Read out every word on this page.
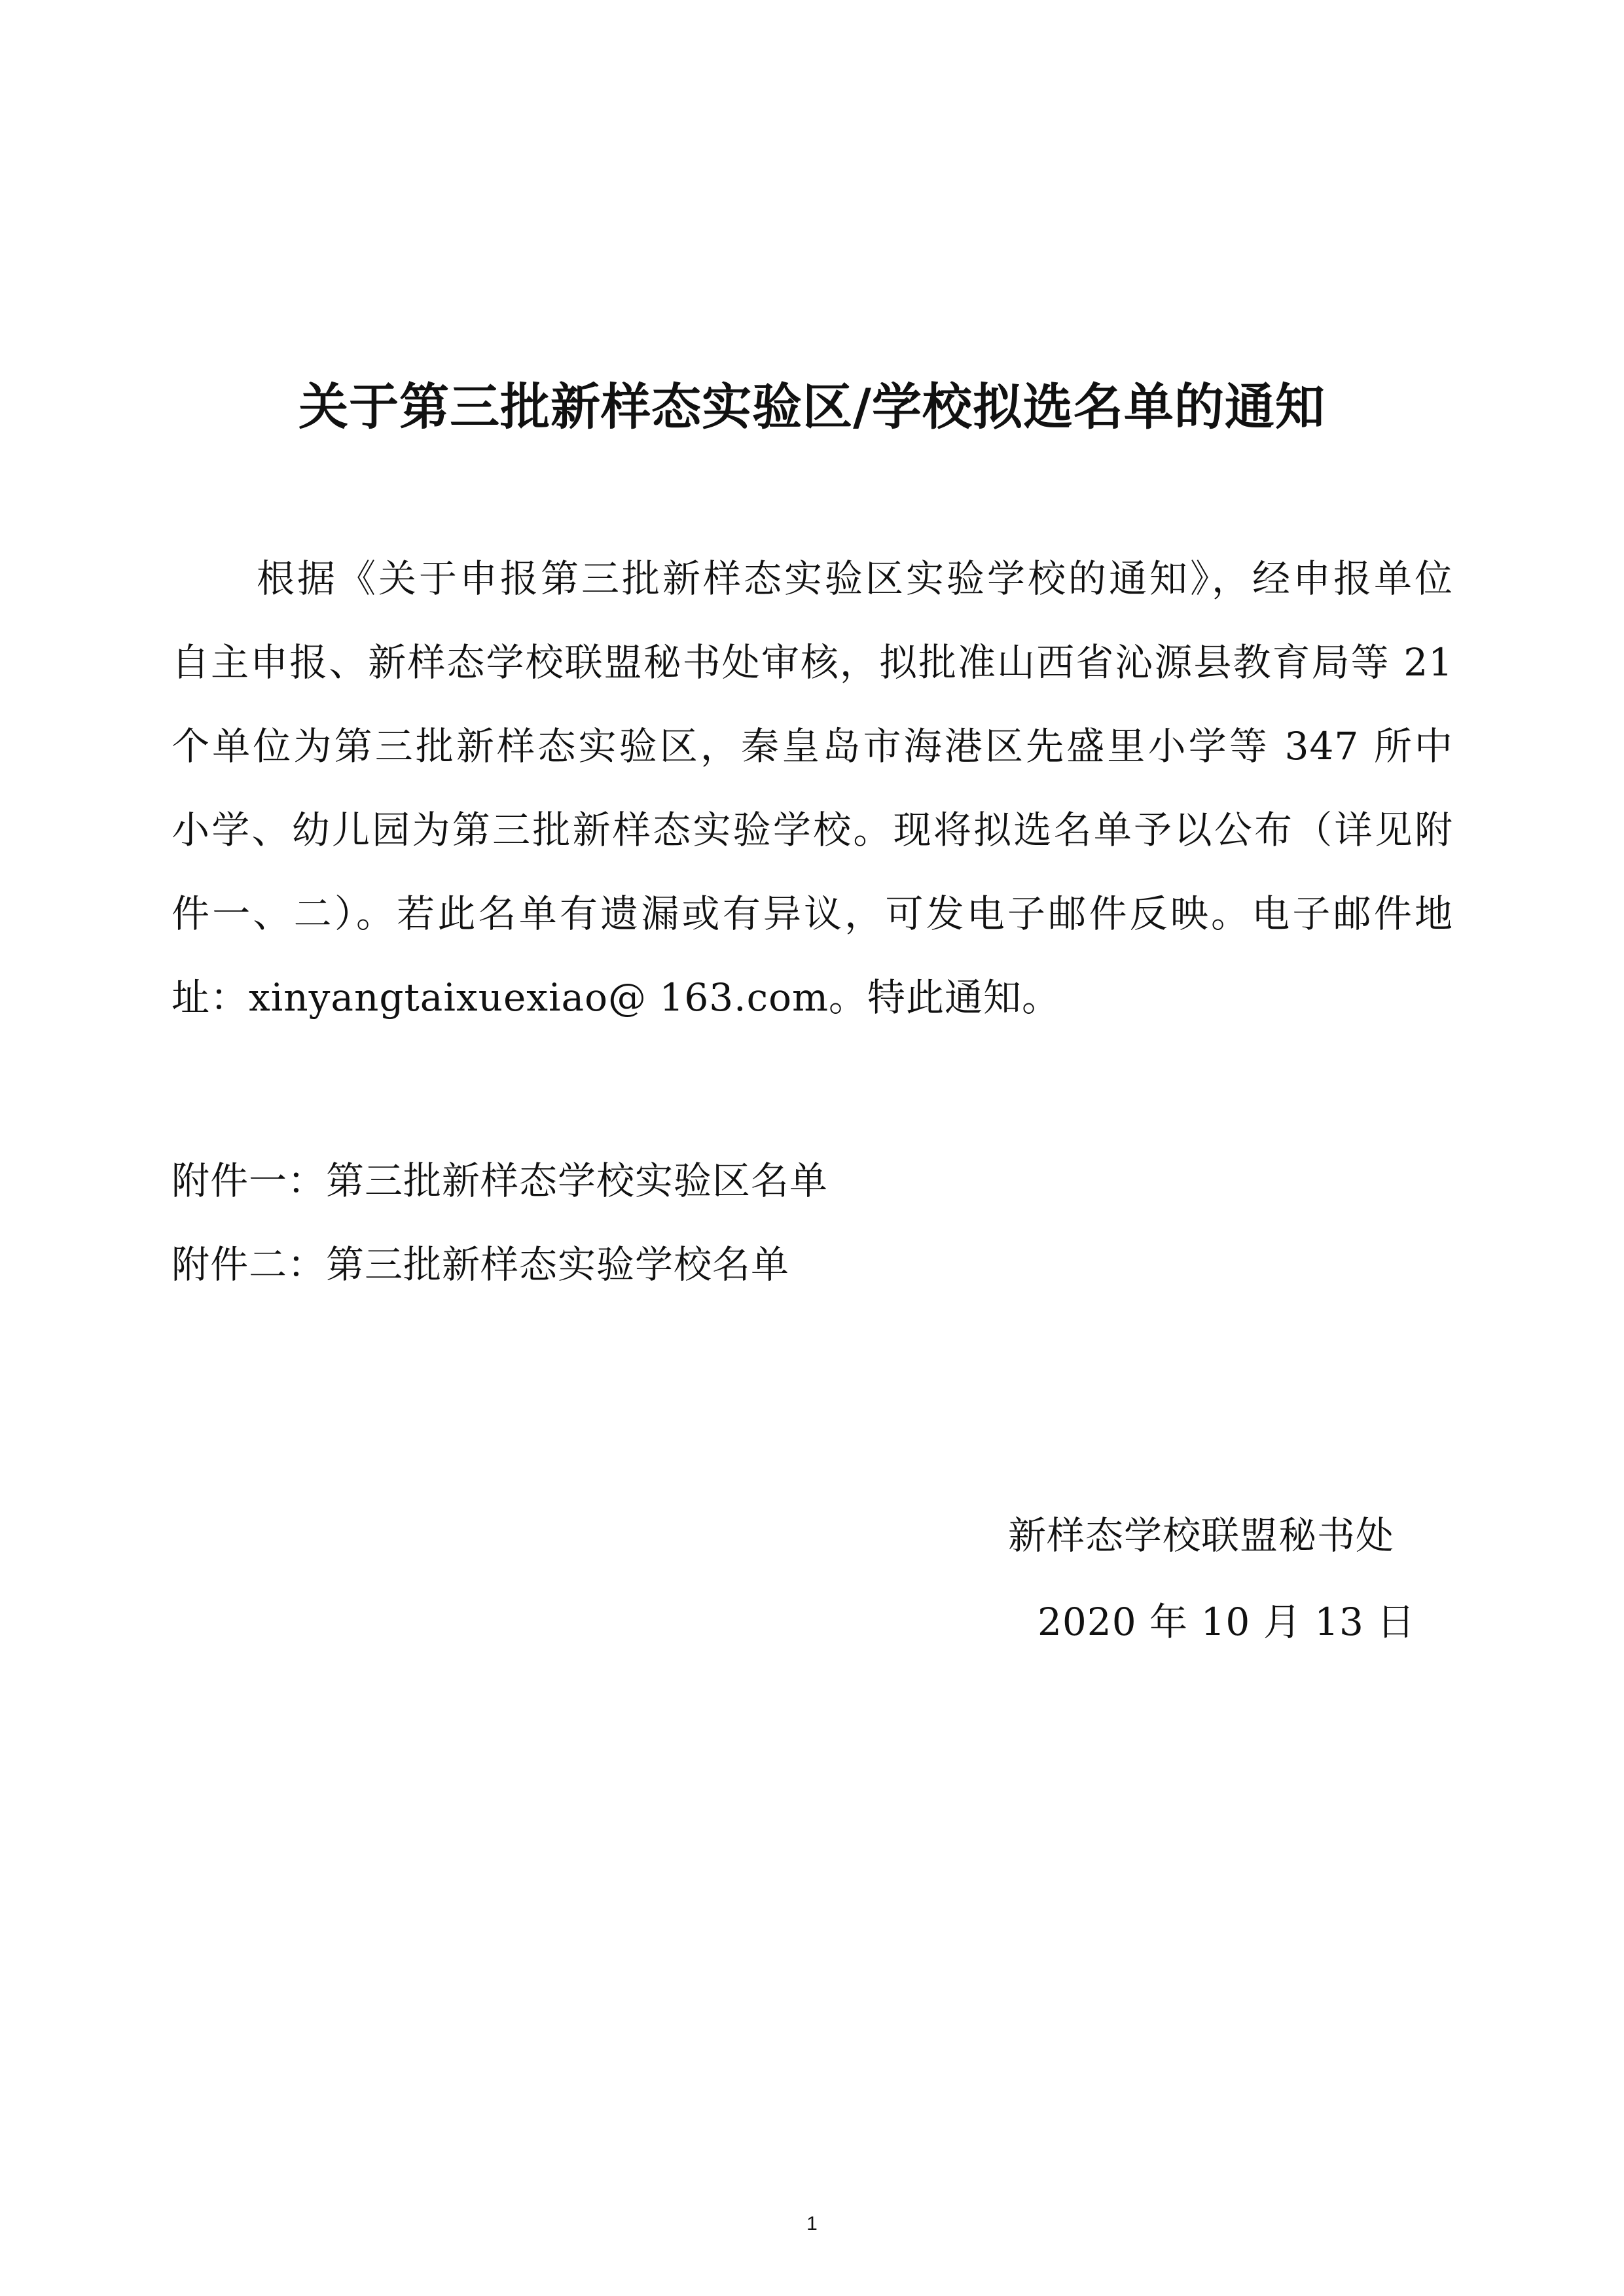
关于第三批新样态实验区/学校拟选名单的通知
根据《关于申报第三批新样态实验区实验学校的通知》，经申报单位
自主申报、新样态学校联盟秘书处审核，拟批准山西省沁源县教育局等 21
个单位为第三批新样态实验区，秦皇岛市海港区先盛里小学等 347 所中
小学、幼儿园为第三批新样态实验学校。现将拟选名单予以公布（详见附
件一、二）。若此名单有遗漏或有异议，可发电子邮件反映。电子邮件地
址：xinyangtaixuexiao@ 163.com。特此通知。
附件一：第三批新样态学校实验区名单
附件二：第三批新样态实验学校名单
新样态学校联盟秘书处
2020 年 10 月 13 日
1
